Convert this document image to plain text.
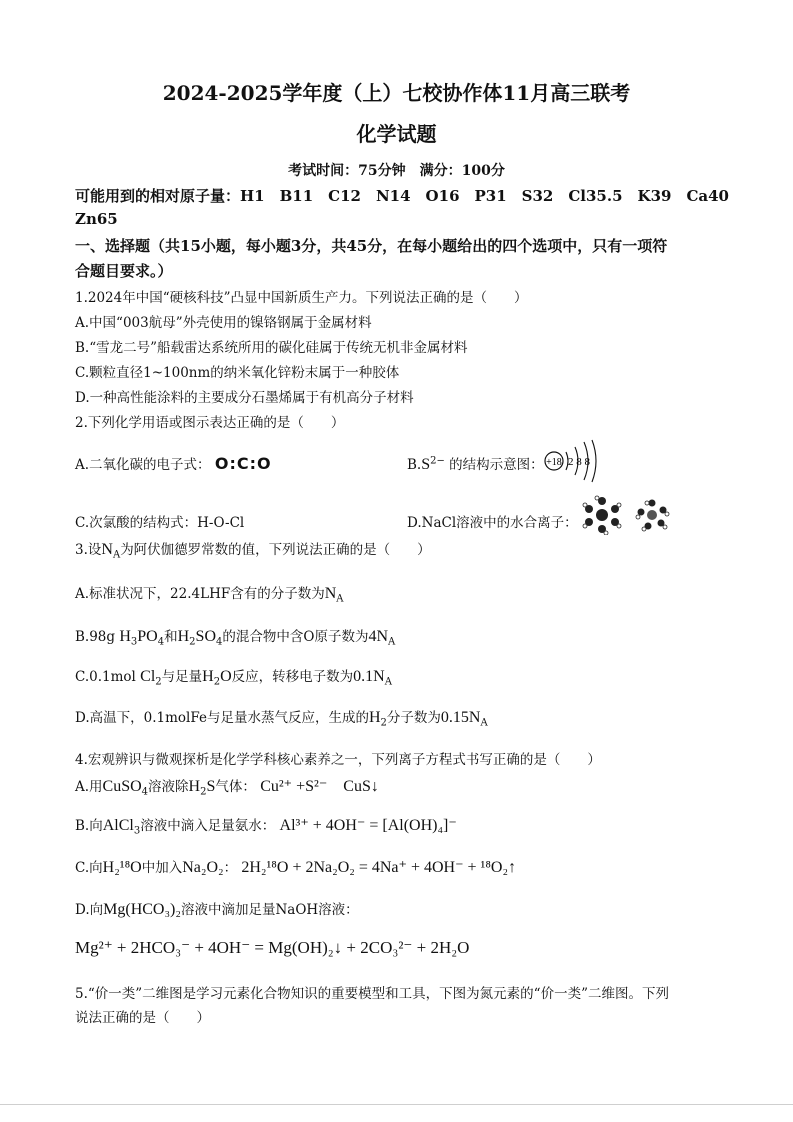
2024-2025学年度（上）七校协作体11月高三联考
化学试题
考试时间：75分钟　满分：100分
可能用到的相对原子量：H1　B11　C12　N14　O16　P31　S32　Cl35.5　K39　Ca40
Zn65
一、选择题（共15小题，每小题3分，共45分，在每小题给出的四个选项中，只有一项符
合题目要求。）
1.2024年中国“硬核科技”凸显中国新质生产力。下列说法正确的是（　　）
A.中国“003航母”外壳使用的镍铬钢属于金属材料
B.“雪龙二号”船载雷达系统所用的碳化硅属于传统无机非金属材料
C.颗粒直径1~100nm的纳米氧化锌粉末属于一种胶体
D.一种高性能涂料的主要成分石墨烯属于有机高分子材料
2.下列化学用语或图示表达正确的是（　　）
A.二氧化碳的电子式： O:C:O	$B.S^{2-}$ 的结构示意图： +18 2 8 8
C.次氯酸的结构式：H-O-Cl	D.NaCl溶液中的水合离子：
3.设$N_A$为阿伏伽德罗常数的值，下列说法正确的是（　　）
A.标准状况下，22.4LHF含有的分子数为$N_A$
B.98g $H_3PO_4$和$H_2SO_4$的混合物中含O原子数为$4N_A$
C.0.1mol $Cl_2$与足量$H_2O$反应，转移电子数为$0.1N_A$
D.高温下，0.1molFe与足量水蒸气反应，生成的$H_2$分子数为$0.15N_A$
4.宏观辨识与微观探析是化学学科核心素养之一，下列离子方程式书写正确的是（　　）
A.用CuSO$_4$溶液除$H_2S$气体： Cu²⁺ +S²⁻　CuS↓
B.向AlCl$_3$溶液中滴入足量氨水： Al³⁺ + 4OH⁻ = [Al(OH)₄]⁻
C.向H₂¹⁸O中加入Na₂O₂： 2H₂¹⁸O + 2Na₂O₂ = 4Na⁺ + 4OH⁻ + ¹⁸O₂↑
D.向Mg(HCO₃)₂溶液中滴加足量NaOH溶液：
Mg²⁺ + 2HCO₃⁻ + 4OH⁻ = Mg(OH)₂↓ + 2CO₃²⁻ + 2H₂O
5.“价一类”二维图是学习元素化合物知识的重要模型和工具，下图为氮元素的“价一类”二维图。下列
说法正确的是（　　）
